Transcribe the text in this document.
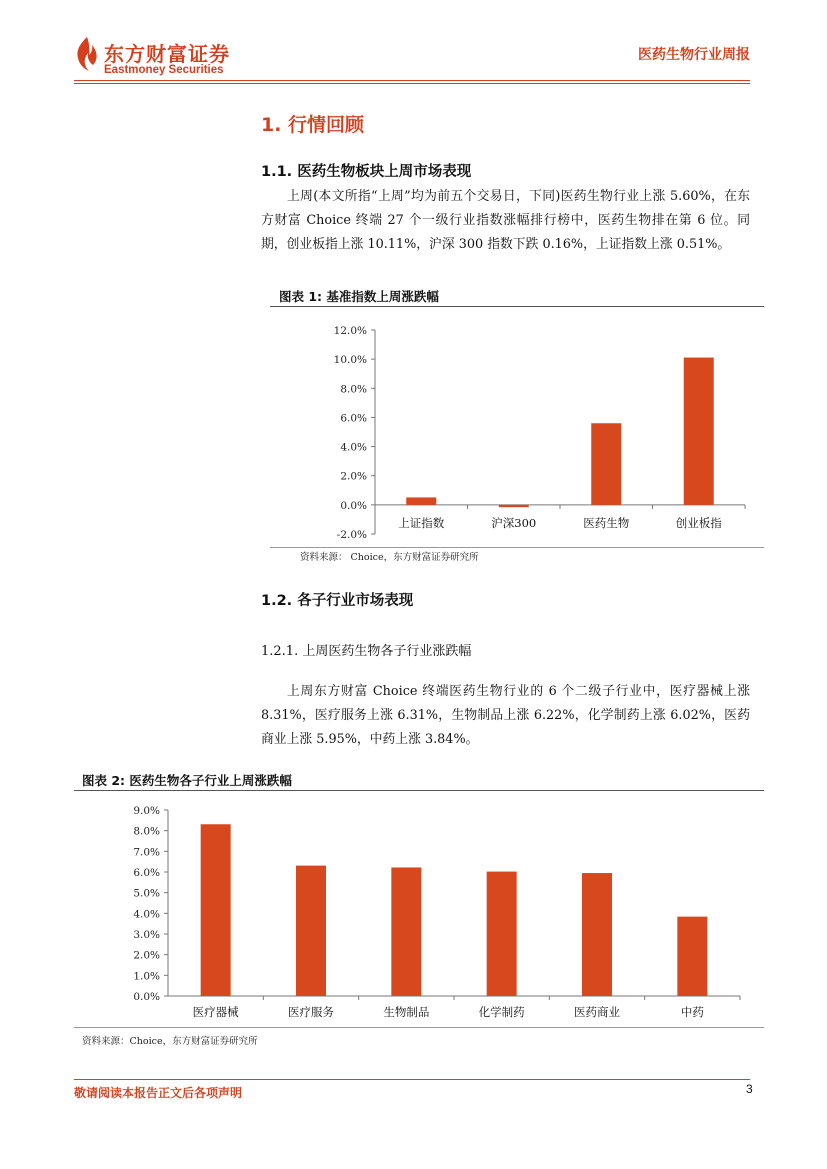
东方财富证券
Eastmoney Securities
医药生物行业周报
1. 行情回顾
1.1. 医药生物板块上周市场表现
上周(本文所指“上周”均为前五个交易日，下同)医药生物行业上涨 5.60%，在东方财富 Choice 终端 27 个一级行业指数涨幅排行榜中，医药生物排在第 6 位。同期，创业板指上涨 10.11%，沪深 300 指数下跌 0.16%，上证指数上涨 0.51%。
图表 1: 基准指数上周涨跌幅
12.0%
10.0%
8.0%
6.0%
4.0%
2.0%
0.0%
-2.0%
上证指数	沪深300	医药生物	创业板指
资料来源： Choice，东方财富证券研究所
1.2. 各子行业市场表现
1.2.1. 上周医药生物各子行业涨跌幅
上周东方财富 Choice 终端医药生物行业的 6 个二级子行业中，医疗器械上涨 8.31%，医疗服务上涨 6.31%，生物制品上涨 6.22%，化学制药上涨 6.02%，医药商业上涨 5.95%，中药上涨 3.84%。
图表 2: 医药生物各子行业上周涨跌幅
9.0%
8.0%
7.0%
6.0%
5.0%
4.0%
3.0%
2.0%
1.0%
0.0%
医疗器械	医疗服务	生物制品	化学制药	医药商业	中药
资料来源：Choice，东方财富证券研究所
敬请阅读本报告正文后各项声明	3
